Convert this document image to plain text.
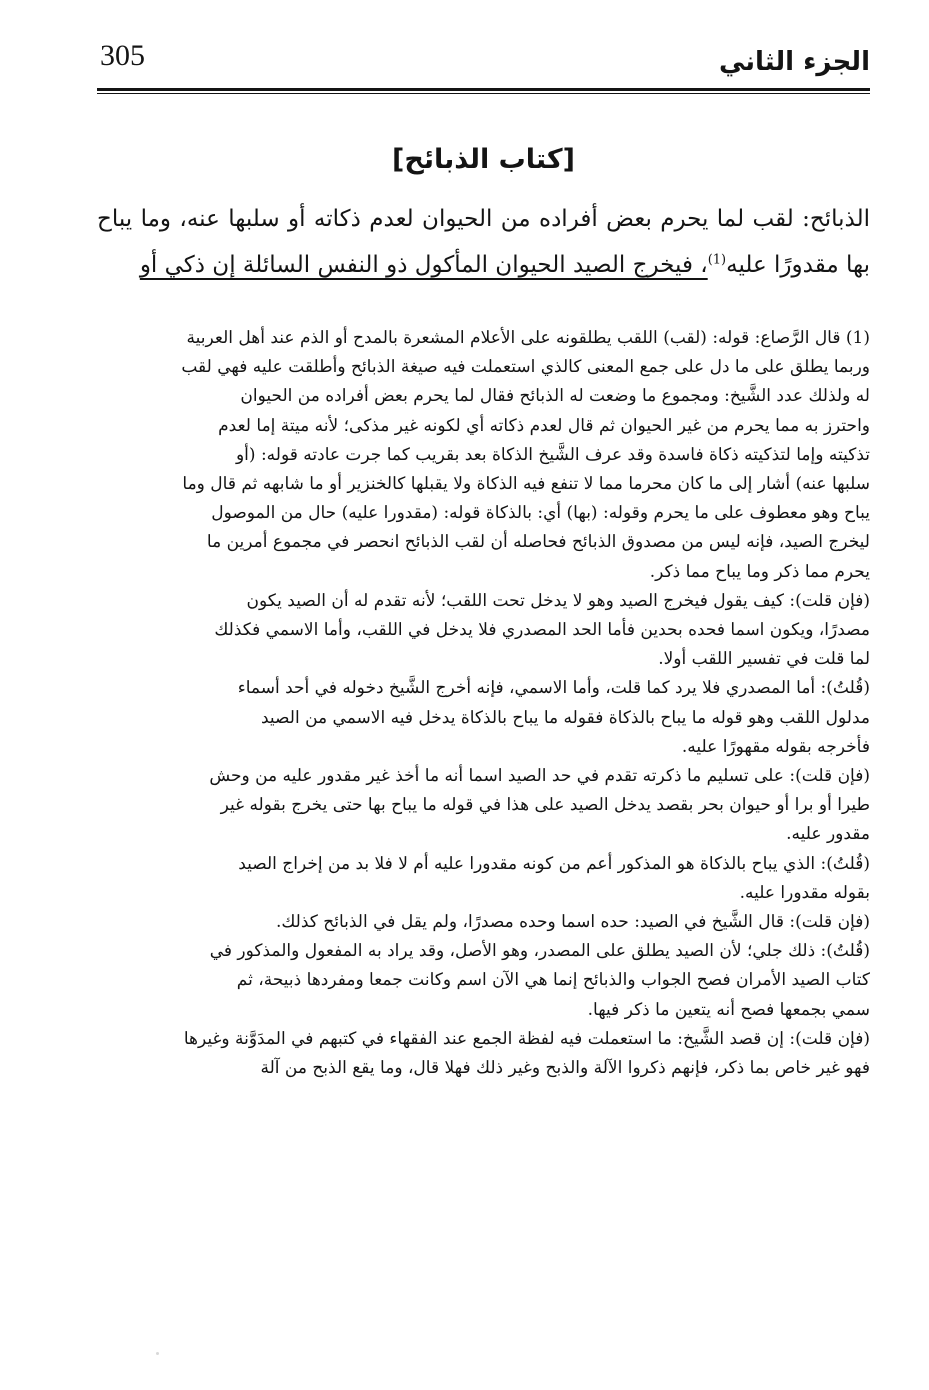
305	الجزء الثاني
[كتاب الذبائح]

الذبائح: لقب لما يحرم بعض أفراده من الحيوان لعدم ذكاته أو سلبها عنه، وما يباح بها مقدورًا عليه$^{(1)}$، فيخرج الصيد الحيوان المأكول ذو النفس السائلة إن ذكي أو

(1) قال الرَّصاع: قوله: (لقب) اللقب يطلقونه على الأعلام المشعرة بالمدح أو الذم عند أهل العربية

وربما يطلق على ما دل على جمع المعنى كالذي استعملت فيه صيغة الذبائح وأطلقت عليه فهي لقب

له ولذلك عدد الشَّيخ: ومجموع ما وضعت له الذبائح فقال لما يحرم بعض أفراده من الحيوان

واحترز به مما يحرم من غير الحيوان ثم قال لعدم ذكاته أي لكونه غير مذكى؛ لأنه ميتة إما لعدم

تذكيته وإما لتذكيته ذكاة فاسدة وقد عرف الشَّيخ الذكاة بعد بقريب كما جرت عادته قوله: (أو

سلبها عنه) أشار إلى ما كان محرما مما لا تنفع فيه الذكاة ولا يقبلها كالخنزير أو ما شابهه ثم قال وما

يباح وهو معطوف على ما يحرم وقوله: (بها) أي: بالذكاة قوله: (مقدورا عليه) حال من الموصول

ليخرج الصيد، فإنه ليس من مصدوق الذبائح فحاصله أن لقب الذبائح انحصر في مجموع أمرين ما

يحرم مما ذكر وما يباح مما ذكر.

(فإن قلت): كيف يقول فيخرج الصيد وهو لا يدخل تحت اللقب؛ لأنه تقدم له أن الصيد يكون

مصدرًا، ويكون اسما فحده بحدين فأما الحد المصدري فلا يدخل في اللقب، وأما الاسمي فكذلك

لما قلت في تفسير اللقب أولا.

(قُلتُ): أما المصدري فلا يرد كما قلت، وأما الاسمي، فإنه أخرج الشَّيخ دخوله في أحد أسماء

مدلول اللقب وهو قوله ما يباح بالذكاة فقوله ما يباح بالذكاة يدخل فيه الاسمي من الصيد

فأخرجه بقوله مقهورًا عليه.

(فإن قلت): على تسليم ما ذكرته تقدم في حد الصيد اسما أنه ما أخذ غير مقدور عليه من وحش

طيرا أو برا أو حيوان بحر بقصد يدخل الصيد على هذا في قوله ما يباح بها حتى يخرج بقوله غير

مقدور عليه.

(قُلتُ): الذي يباح بالذكاة هو المذكور أعم من كونه مقدورا عليه أم لا فلا بد من إخراج الصيد

بقوله مقدورا عليه.

(فإن قلت): قال الشَّيخ في الصيد: حده اسما وحده مصدرًا، ولم يقل في الذبائح كذلك.

(قُلتُ): ذلك جلي؛ لأن الصيد يطلق على المصدر، وهو الأصل، وقد يراد به المفعول والمذكور في

كتاب الصيد الأمران فصح الجواب والذبائح إنما هي الآن اسم وكانت جمعا ومفردها ذبيحة، ثم

سمي بجمعها فصح أنه يتعين ما ذكر فيها.

(فإن قلت): إن قصد الشَّيخ: ما استعملت فيه لفظة الجمع عند الفقهاء في كتبهم في المدَوَّنة وغيرها

فهو غير خاص بما ذكر، فإنهم ذكروا الآلة والذبح وغير ذلك فهلا قال، وما يقع الذبح من آلة
